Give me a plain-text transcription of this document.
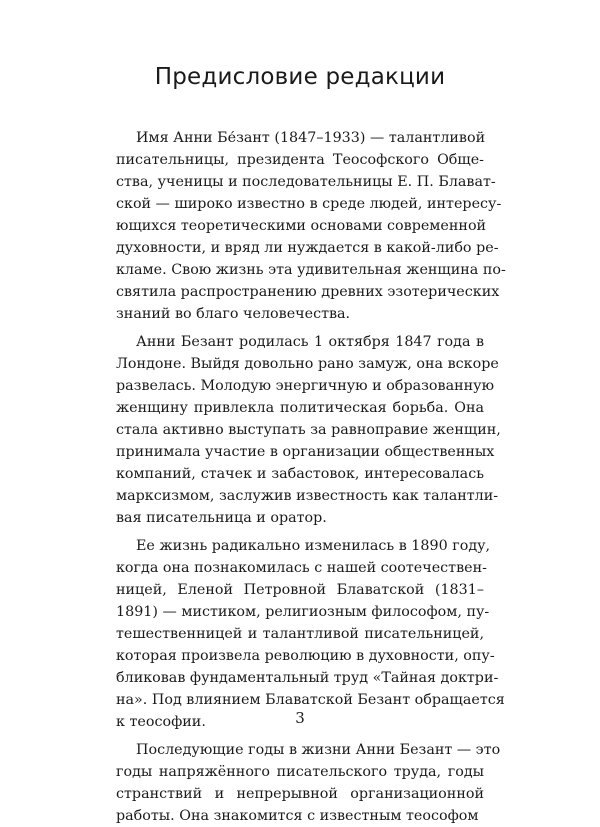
Предисловие редакции
Имя Анни Бе́зант (1847–1933) — талантливой
писательницы, президента Теософского Обще-
ства, ученицы и последовательницы Е. П. Блават-
ской — широко известно в среде людей, интересу-
ющихся теоретическими основами современной
духовности, и вряд ли нуждается в какой-либо ре-
кламе. Свою жизнь эта удивительная женщина по-
святила распространению древних эзотерических
знаний во благо человечества.
Анни Безант родилась 1 октября 1847 года в
Лондоне. Выйдя довольно рано замуж, она вскоре
развелась. Молодую энергичную и образованную
женщину привлекла политическая борьба. Она
стала активно выступать за равноправие женщин,
принимала участие в организации общественных
компаний, стачек и забастовок, интересовалась
марксизмом, заслужив известность как талантли-
вая писательница и оратор.
Ее жизнь радикально изменилась в 1890 году,
когда она познакомилась с нашей соотечествен-
ницей, Еленой Петровной Блаватской (1831–
1891) — мистиком, религиозным философом, пу-
тешественницей и талантливой писательницей,
которая произвела революцию в духовности, опу-
бликовав фундаментальный труд «Тайная доктри-
на». Под влиянием Блаватской Безант обращается
к теософии.
Последующие годы в жизни Анни Безант — это
годы напряжённого писательского труда, годы
странствий и непрерывной организационной
работы. Она знакомится с известным теософом
3
